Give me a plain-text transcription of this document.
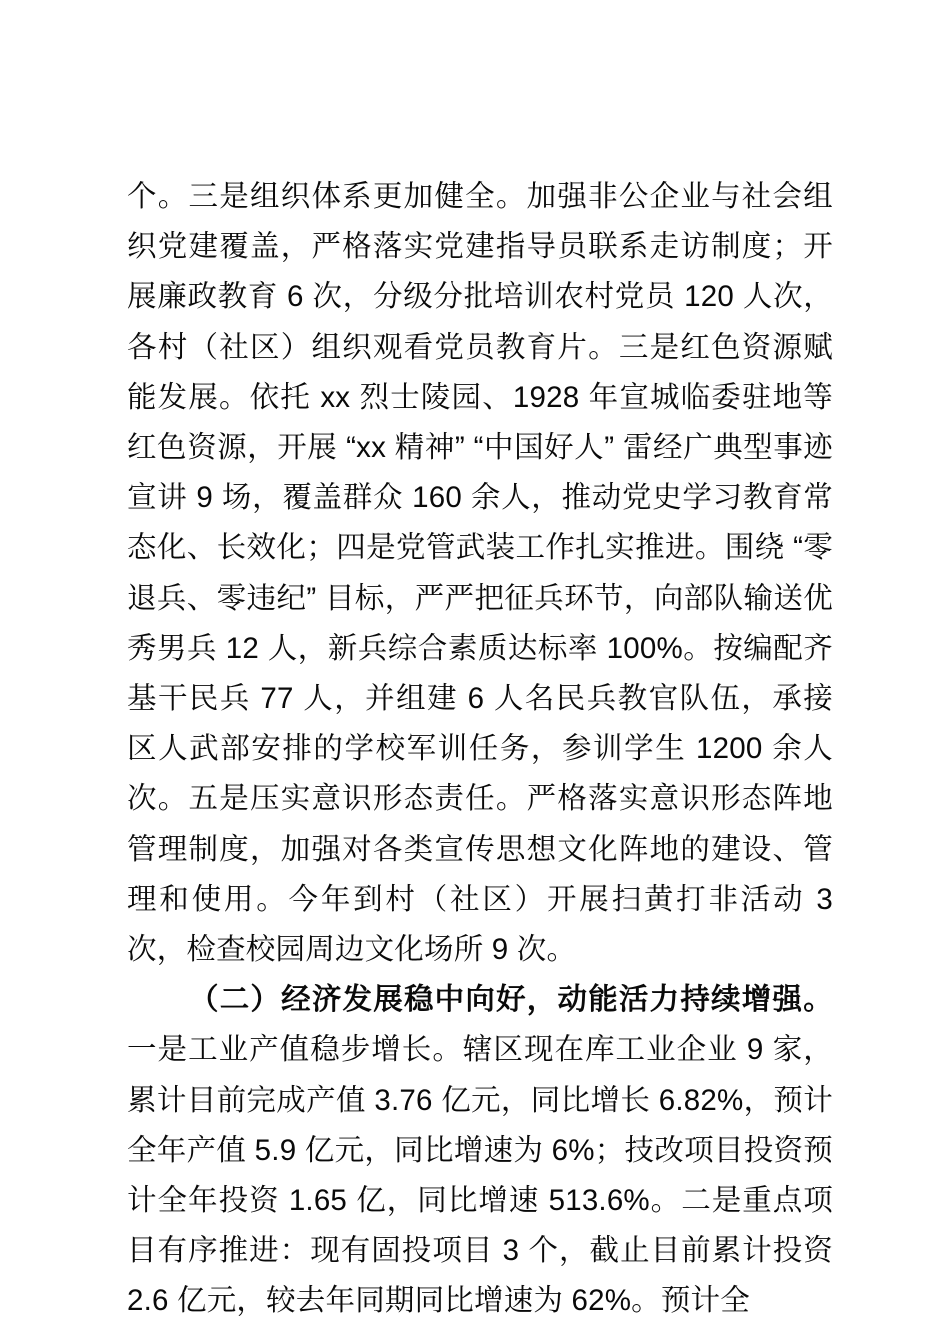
个。三是组织体系更加健全。加强非公企业与社会组织党建覆盖，严格落实党建指导员联系走访制度；开展廉政教育 6 次，分级分批培训农村党员 120 人次，各村（社区）组织观看党员教育片。三是红色资源赋能发展。依托 xx 烈士陵园、1928 年宣城临委驻地等红色资源，开展 “xx 精神” “中国好人” 雷经广典型事迹宣讲 9 场，覆盖群众 160 余人，推动党史学习教育常态化、长效化；四是党管武装工作扎实推进。围绕 “零退兵、零违纪” 目标，严严把征兵环节，向部队输送优秀男兵 12 人，新兵综合素质达标率 100%。按编配齐基干民兵 77 人，并组建 6 人名民兵教官队伍，承接区人武部安排的学校军训任务，参训学生 1200 余人次。五是压实意识形态责任。严格落实意识形态阵地管理制度，加强对各类宣传思想文化阵地的建设、管理和使用。今年到村（社区）开展扫黄打非活动 3 次，检查校园周边文化场所 9 次。

（二）经济发展稳中向好，动能活力持续增强。一是工业产值稳步增长。辖区现在库工业企业 9 家，累计目前完成产值 3.76 亿元，同比增长 6.82%，预计全年产值 5.9 亿元，同比增速为 6%；技改项目投资预计全年投资 1.65 亿，同比增速 513.6%。二是重点项目有序推进：现有固投项目 3 个，截止目前累计投资 2.6 亿元，较去年同期同比增速为 62%。预计全
